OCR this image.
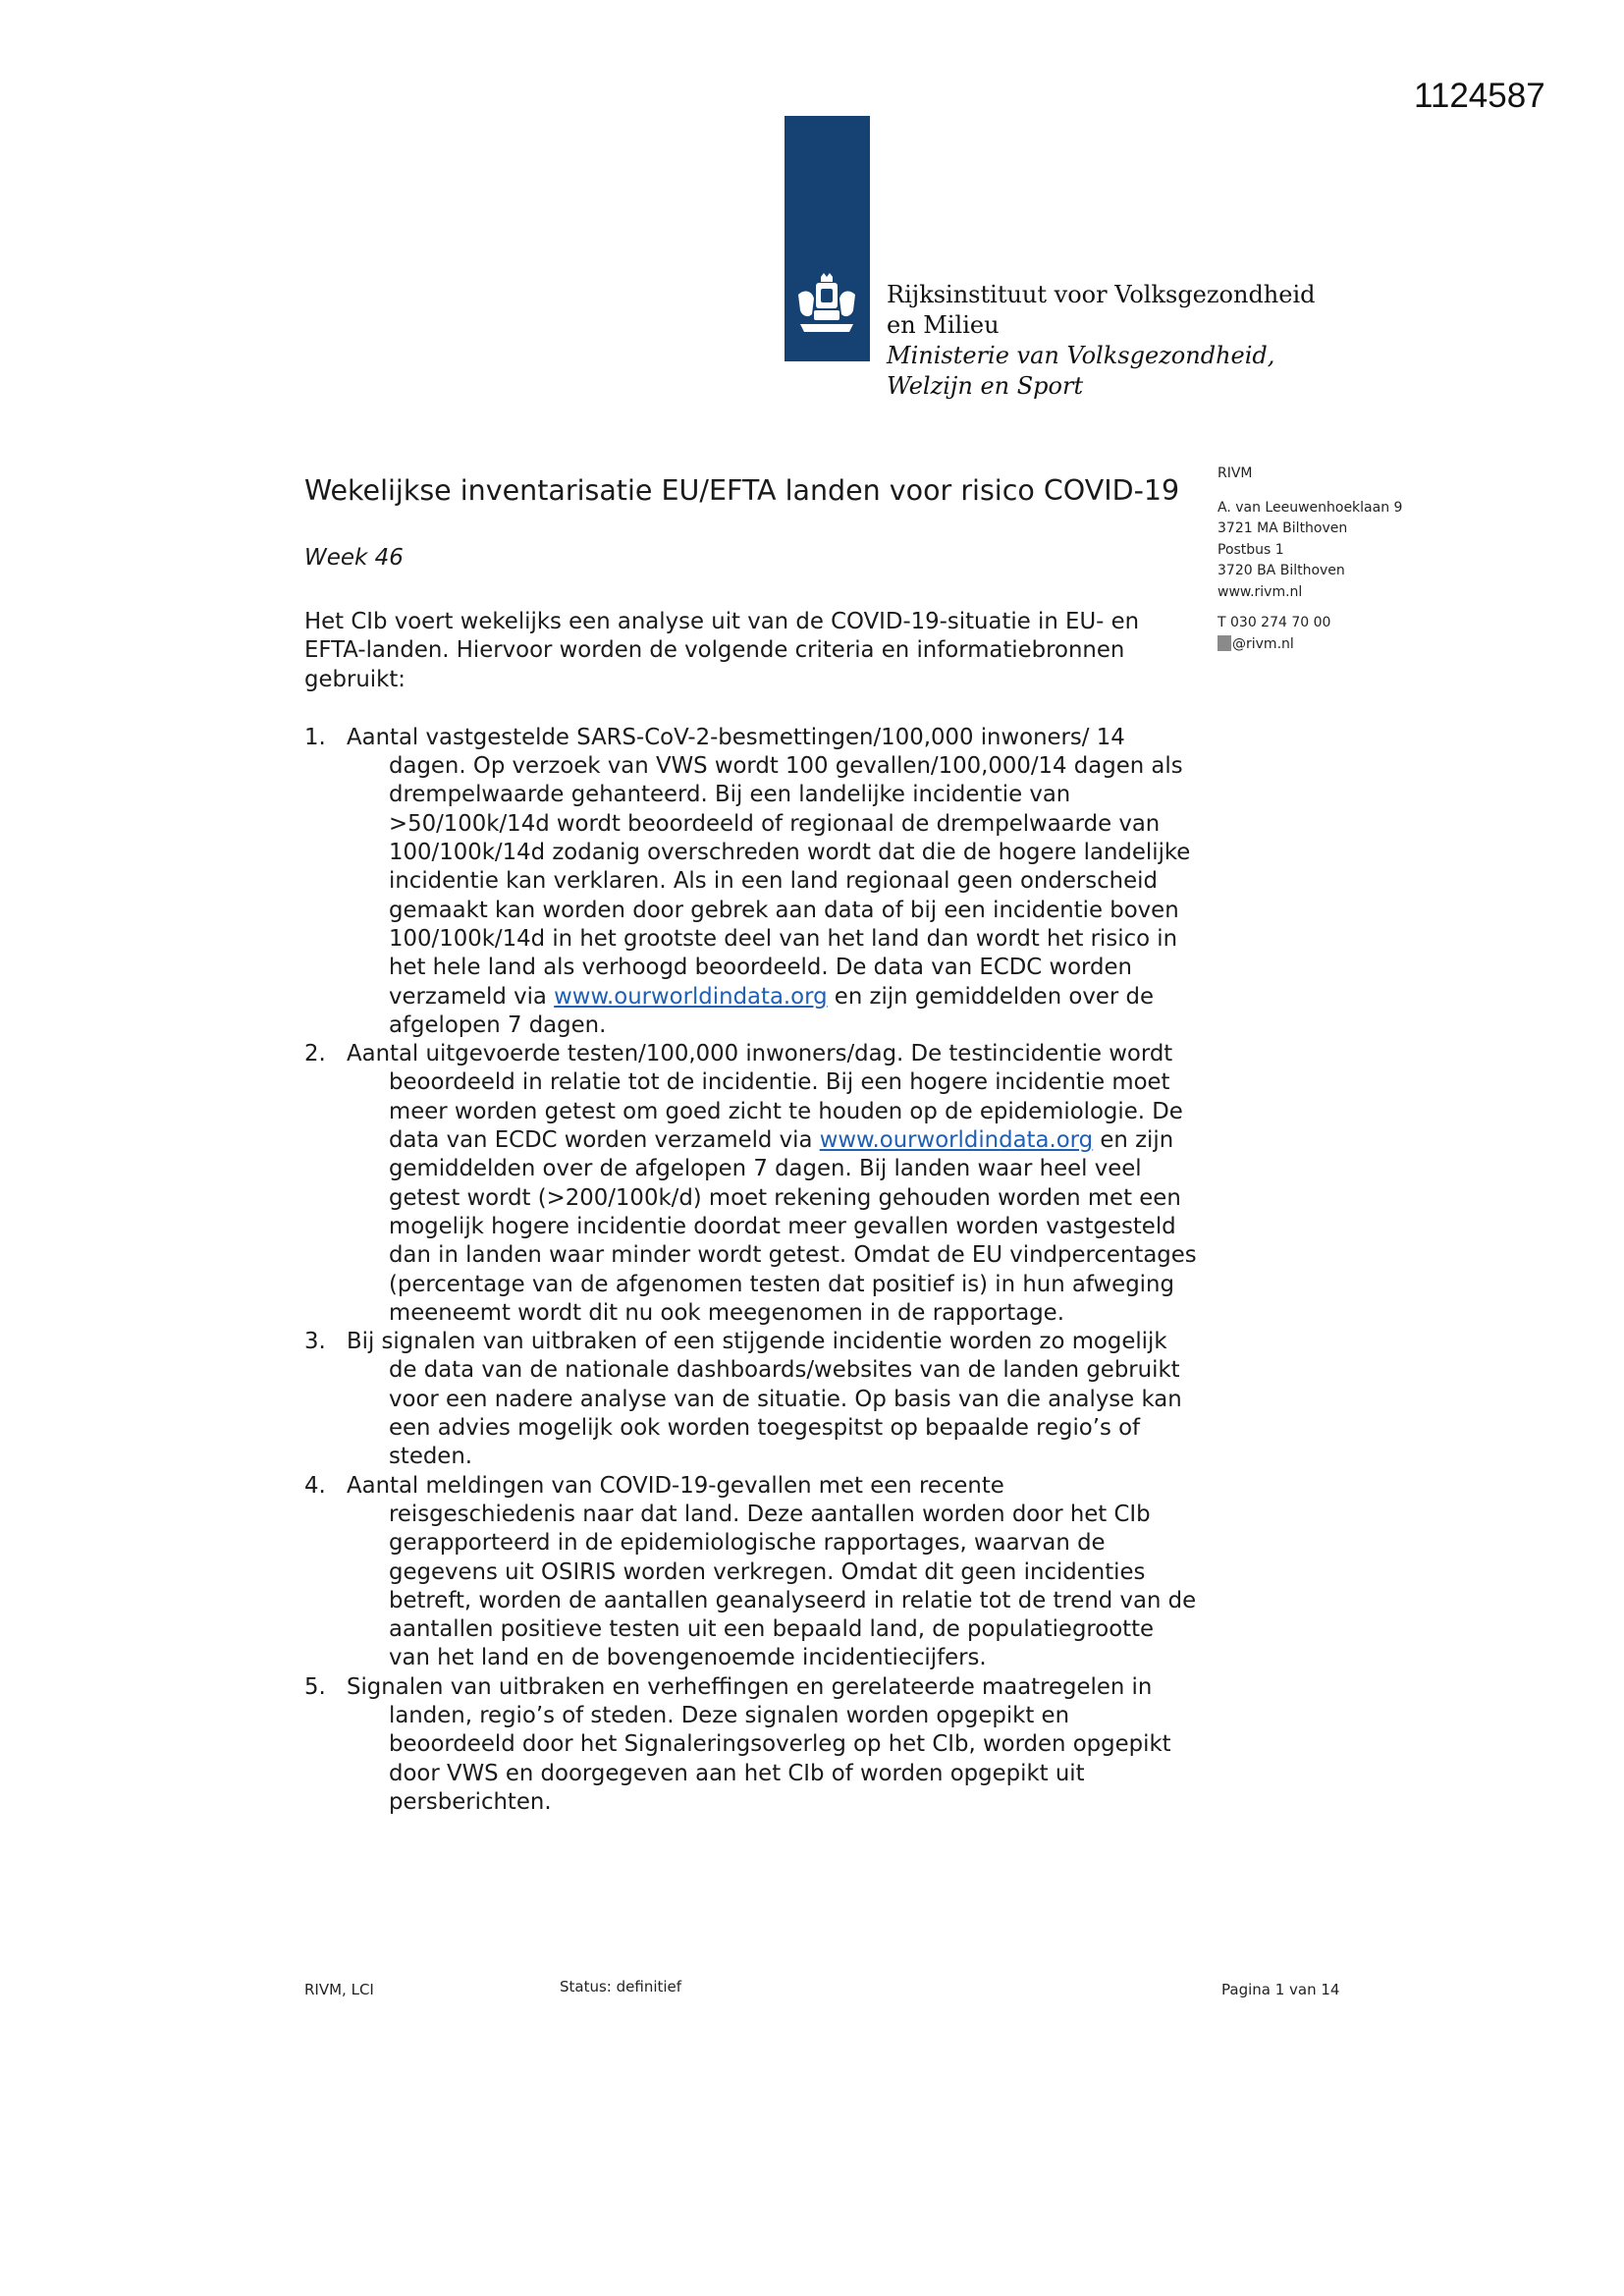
1124587
Rijksinstituut voor Volksgezondheid
en Milieu
Ministerie van Volksgezondheid,
Welzijn en Sport
RIVM
A. van Leeuwenhoeklaan 9
3721 MA Bilthoven
Postbus 1
3720 BA Bilthoven
www.rivm.nl
T 030 274 70 00
@rivm.nl
Wekelijkse inventarisatie EU/EFTA landen voor risico COVID-19
Week 46
Het CIb voert wekelijks een analyse uit van de COVID-19-situatie in EU- en EFTA-landen. Hiervoor worden de volgende criteria en informatiebronnen gebruikt:
1. Aantal vastgestelde SARS-CoV-2-besmettingen/100,000 inwoners/ 14 dagen. Op verzoek van VWS wordt 100 gevallen/100,000/14 dagen als drempelwaarde gehanteerd. Bij een landelijke incidentie van >50/100k/14d wordt beoordeeld of regionaal de drempelwaarde van 100/100k/14d zodanig overschreden wordt dat die de hogere landelijke incidentie kan verklaren. Als in een land regionaal geen onderscheid gemaakt kan worden door gebrek aan data of bij een incidentie boven 100/100k/14d in het grootste deel van het land dan wordt het risico in het hele land als verhoogd beoordeeld. De data van ECDC worden verzameld via www.ourworldindata.org en zijn gemiddelden over de afgelopen 7 dagen.
2. Aantal uitgevoerde testen/100,000 inwoners/dag. De testincidentie wordt beoordeeld in relatie tot de incidentie. Bij een hogere incidentie moet meer worden getest om goed zicht te houden op de epidemiologie. De data van ECDC worden verzameld via www.ourworldindata.org en zijn gemiddelden over de afgelopen 7 dagen. Bij landen waar heel veel getest wordt (>200/100k/d) moet rekening gehouden worden met een mogelijk hogere incidentie doordat meer gevallen worden vastgesteld dan in landen waar minder wordt getest. Omdat de EU vindpercentages (percentage van de afgenomen testen dat positief is) in hun afweging meeneemt wordt dit nu ook meegenomen in de rapportage.
3. Bij signalen van uitbraken of een stijgende incidentie worden zo mogelijk de data van de nationale dashboards/websites van de landen gebruikt voor een nadere analyse van de situatie. Op basis van die analyse kan een advies mogelijk ook worden toegespitst op bepaalde regio’s of steden.
4. Aantal meldingen van COVID-19-gevallen met een recente reisgeschiedenis naar dat land. Deze aantallen worden door het CIb gerapporteerd in de epidemiologische rapportages, waarvan de gegevens uit OSIRIS worden verkregen. Omdat dit geen incidenties betreft, worden de aantallen geanalyseerd in relatie tot de trend van de aantallen positieve testen uit een bepaald land, de populatiegrootte van het land en de bovengenoemde incidentiecijfers.
5. Signalen van uitbraken en verheffingen en gerelateerde maatregelen in landen, regio’s of steden. Deze signalen worden opgepikt en beoordeeld door het Signaleringsoverleg op het CIb, worden opgepikt door VWS en doorgegeven aan het CIb of worden opgepikt uit persberichten.
RIVM, LCI	Status: definitief	Pagina 1 van 14
